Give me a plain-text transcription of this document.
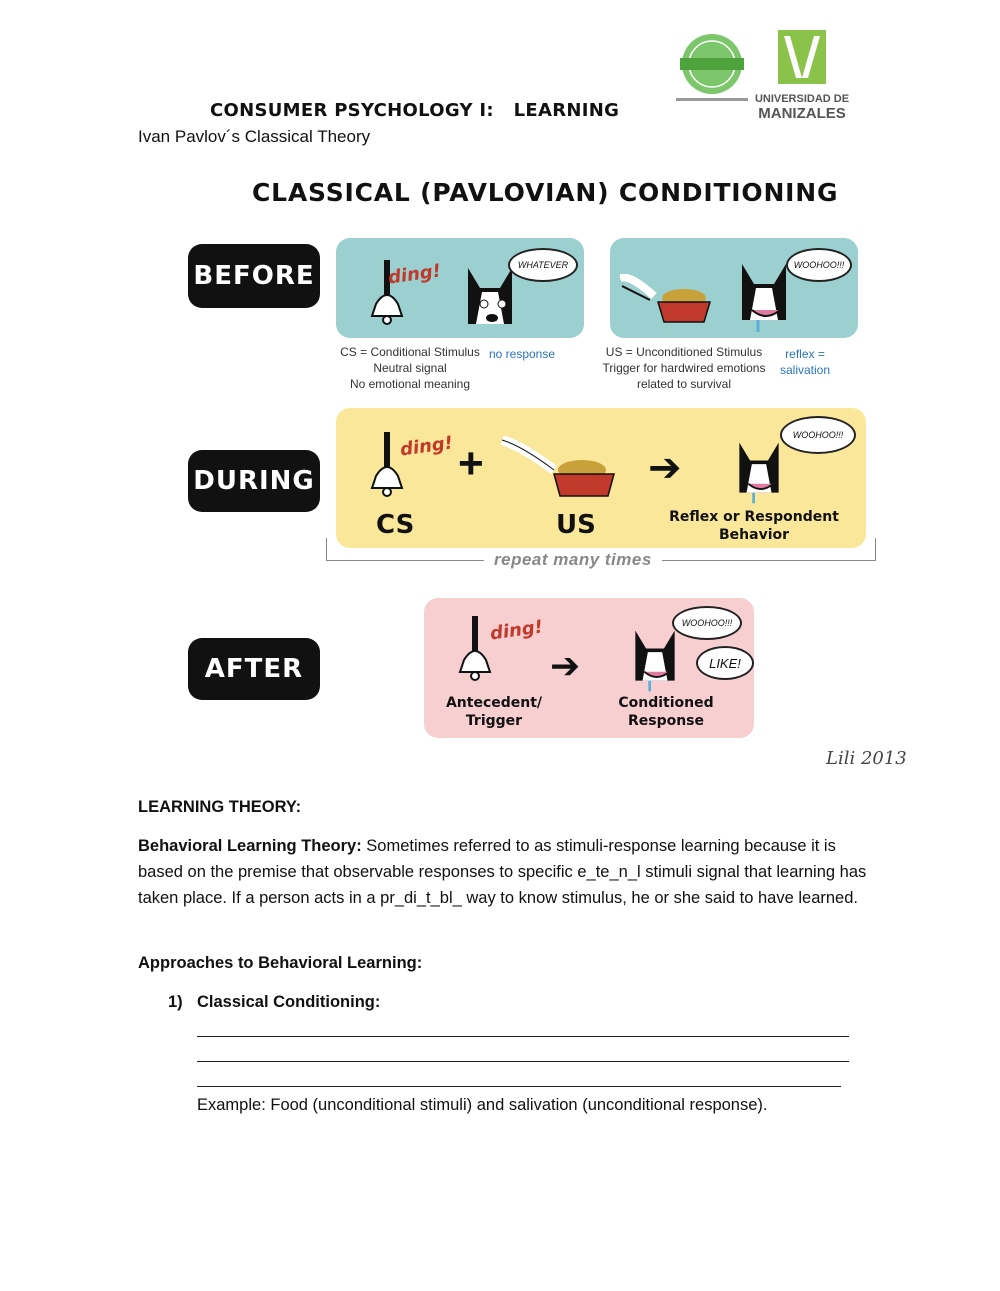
UNIVERSIDAD DE
MANIZALES
CONSUMER PSYCHOLOGY I:   LEARNING
Ivan Pavlov´s Classical Theory
CLASSICAL (PAVLOVIAN) CONDITIONING
BEFORE	ding!	WHATEVER
CS = Conditional Stimulus
Neutral signal
No emotional meaning
no response
WOOHOO!!!
US = Unconditioned Stimulus
Trigger for hardwired emotions
related to survival
reflex =
salivation
DURING
ding! +	➔
WOOHOO!!!
CS	US	Reflex or Respondent
Behavior
repeat many times
AFTER
ding!
➔
WOOHOO!!!
LIKE!
Antecedent/
Trigger
Conditioned
Response
Lili 2013
LEARNING THEORY:
Behavioral Learning Theory: Sometimes referred to as stimuli-response learning because it is based on the premise that observable responses to specific e_te_n_l stimuli signal that learning has taken place. If a person acts in a pr_di_t_bl_ way to know stimulus, he or she said to have learned.
Approaches to Behavioral Learning:
1) Classical Conditioning:
Example: Food (unconditional stimuli) and salivation (unconditional response).
